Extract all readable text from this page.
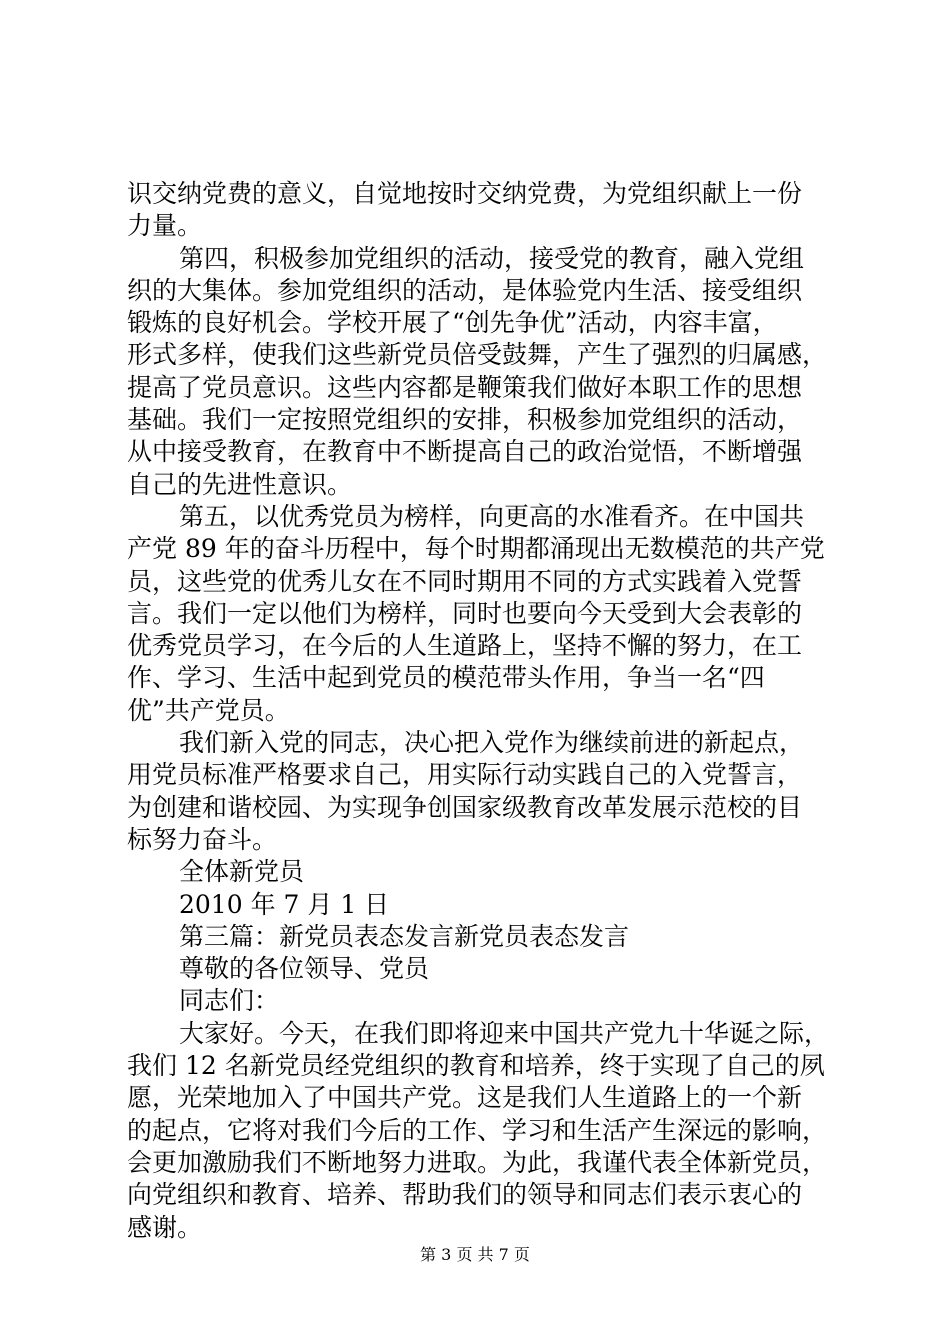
识交纳党费的意义，自觉地按时交纳党费，为党组织献上一份
力量。
第四，积极参加党组织的活动，接受党的教育，融入党组
织的大集体。参加党组织的活动，是体验党内生活、接受组织
锻炼的良好机会。学校开展了“创先争优”活动，内容丰富，
形式多样，使我们这些新党员倍受鼓舞，产生了强烈的归属感，
提高了党员意识。这些内容都是鞭策我们做好本职工作的思想
基础。我们一定按照党组织的安排，积极参加党组织的活动，
从中接受教育，在教育中不断提高自己的政治觉悟，不断增强
自己的先进性意识。
第五，以优秀党员为榜样，向更高的水准看齐。在中国共
产党 89 年的奋斗历程中，每个时期都涌现出无数模范的共产党
员，这些党的优秀儿女在不同时期用不同的方式实践着入党誓
言。我们一定以他们为榜样，同时也要向今天受到大会表彰的
优秀党员学习，在今后的人生道路上，坚持不懈的努力，在工
作、学习、生活中起到党员的模范带头作用，争当一名“四
优”共产党员。
我们新入党的同志，决心把入党作为继续前进的新起点，
用党员标准严格要求自己，用实际行动实践自己的入党誓言，
为创建和谐校园、为实现争创国家级教育改革发展示范校的目
标努力奋斗。
全体新党员
2010 年 7 月 1 日
第三篇：新党员表态发言新党员表态发言
尊敬的各位领导、党员
同志们：
大家好。今天，在我们即将迎来中国共产党九十华诞之际，
我们 12 名新党员经党组织的教育和培养，终于实现了自己的夙
愿，光荣地加入了中国共产党。这是我们人生道路上的一个新
的起点，它将对我们今后的工作、学习和生活产生深远的影响，
会更加激励我们不断地努力进取。为此，我谨代表全体新党员，
向党组织和教育、培养、帮助我们的领导和同志们表示衷心的
感谢。
第 3 页 共 7 页
